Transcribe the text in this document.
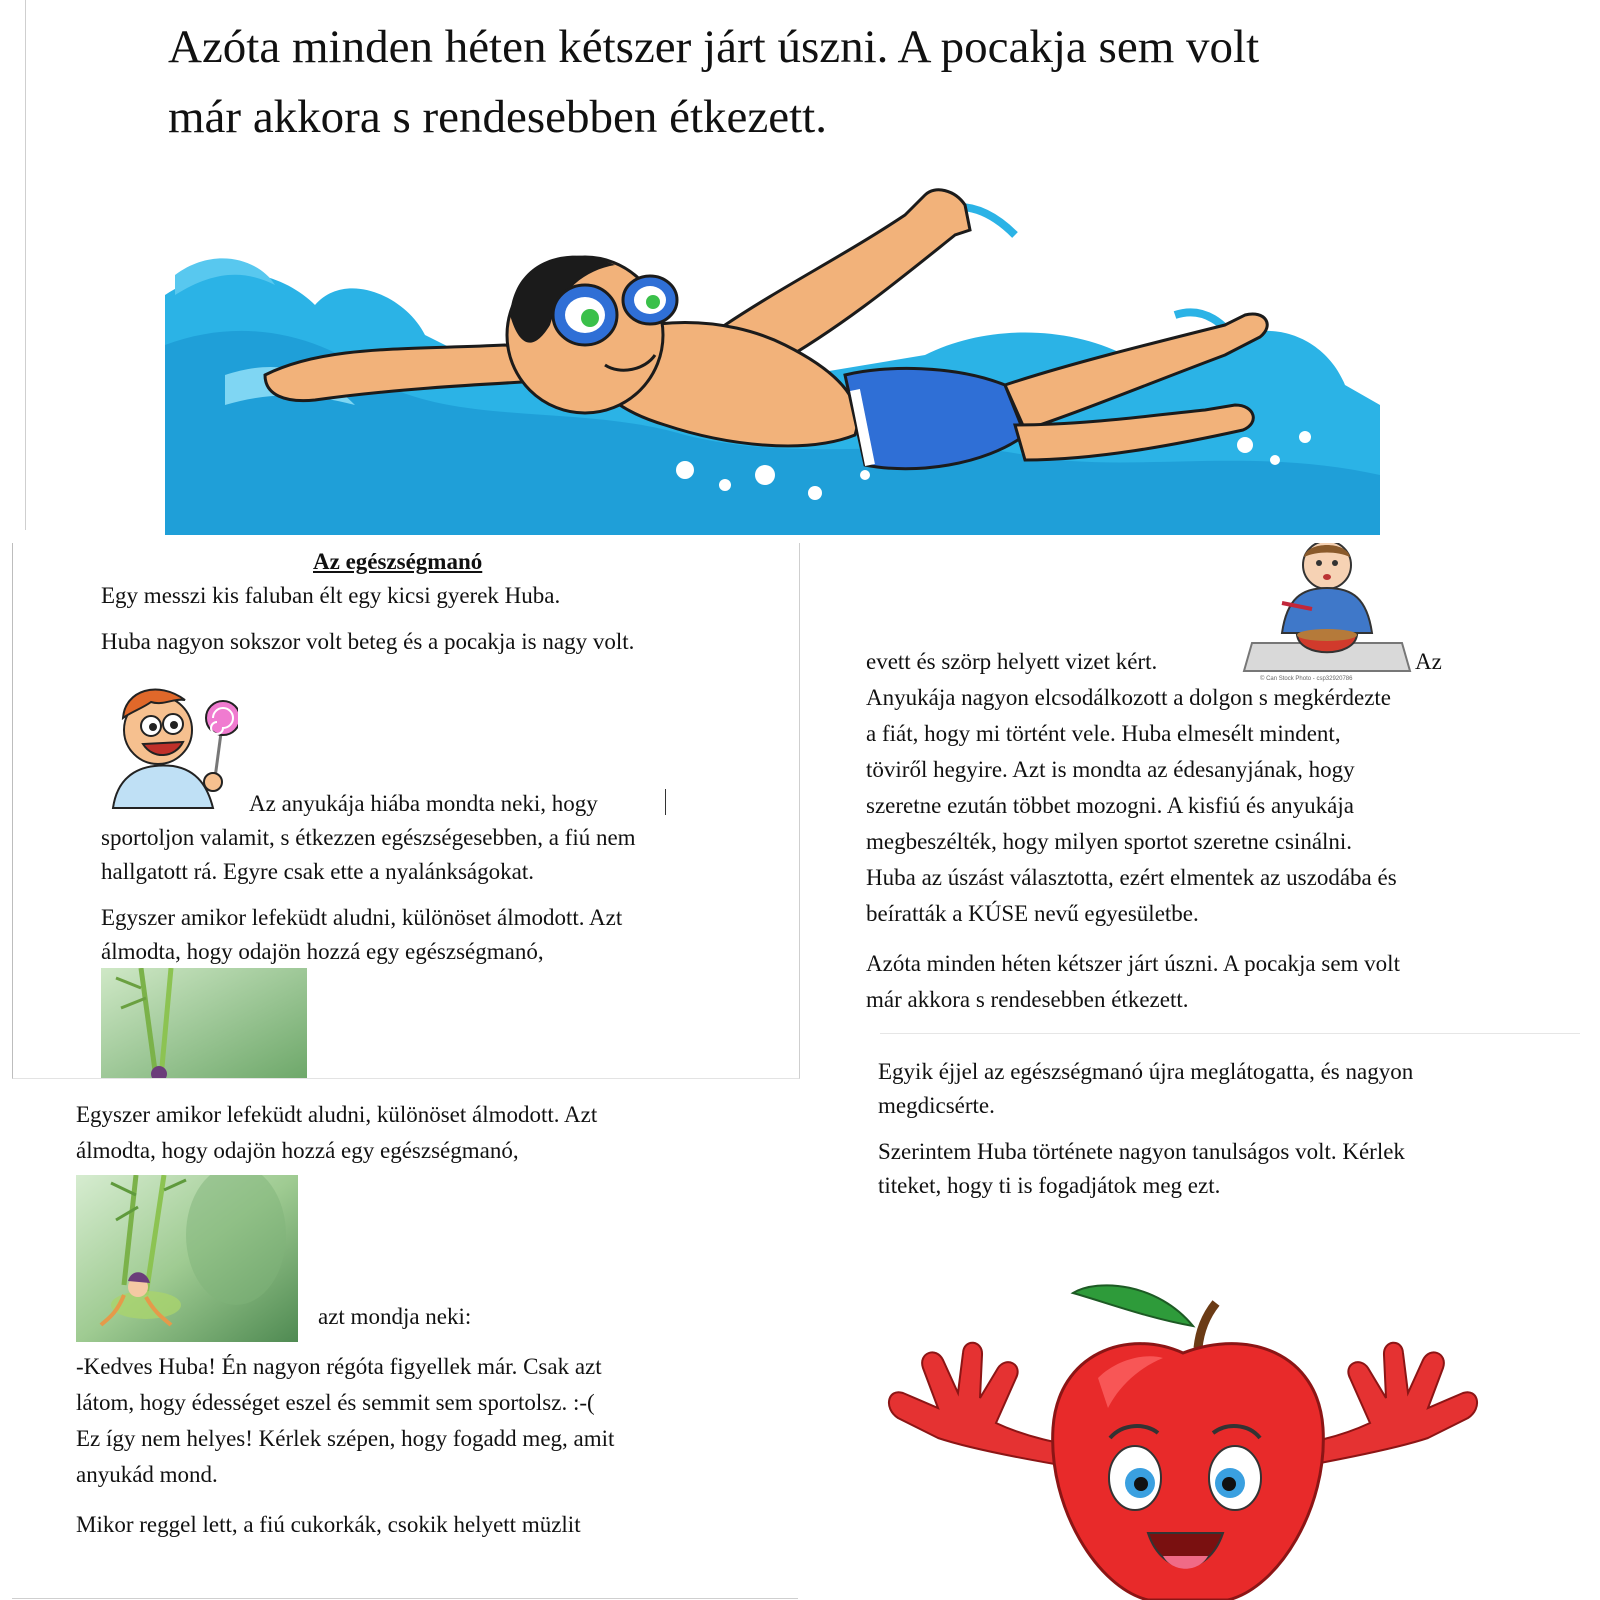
Azóta minden héten kétszer járt úszni. A pocakja sem volt
már akkora s rendesebben étkezett.
Az egészségmanó

Egy messzi kis faluban élt egy kicsi gyerek Huba.

Huba nagyon sokszor volt beteg és a pocakja is nagy volt.

Az anyukája hiába mondta neki, hogy

sportoljon valamit, s étkezzen egészségesebben, a fiú nem

hallgatott rá. Egyre csak ette a nyalánkságokat.

Egyszer amikor lefeküdt aludni, különöset álmodott. Azt

álmodta, hogy odajön hozzá egy egészségmanó,

Egyszer amikor lefeküdt aludni, különöset álmodott. Azt

álmodta, hogy odajön hozzá egy egészségmanó,

azt mondja neki:

-Kedves Huba! Én nagyon régóta figyellek már. Csak azt

látom, hogy édességet eszel és semmit sem sportolsz. :-(

Ez így nem helyes! Kérlek szépen, hogy fogadd meg, amit

anyukád mond.

Mikor reggel lett, a fiú cukorkák, csokik helyett müzlit

© Can Stock Photo - csp32920786

evett és szörp helyett vizet kért.	Az

Anyukája nagyon elcsodálkozott a dolgon s megkérdezte

a fiát, hogy mi történt vele. Huba elmesélt mindent,

töviről hegyire. Azt is mondta az édesanyjának, hogy

szeretne ezután többet mozogni. A kisfiú és anyukája

megbeszélték, hogy milyen sportot szeretne csinálni.

Huba az úszást választotta, ezért elmentek az uszodába és

beíratták a KÚSE nevű egyesületbe.

Azóta minden héten kétszer járt úszni. A pocakja sem volt

már akkora s rendesebben étkezett.

Egyik éjjel az egészségmanó újra meglátogatta, és nagyon

megdicsérte.

Szerintem Huba története nagyon tanulságos volt. Kérlek

titeket, hogy ti is fogadjátok meg ezt.
